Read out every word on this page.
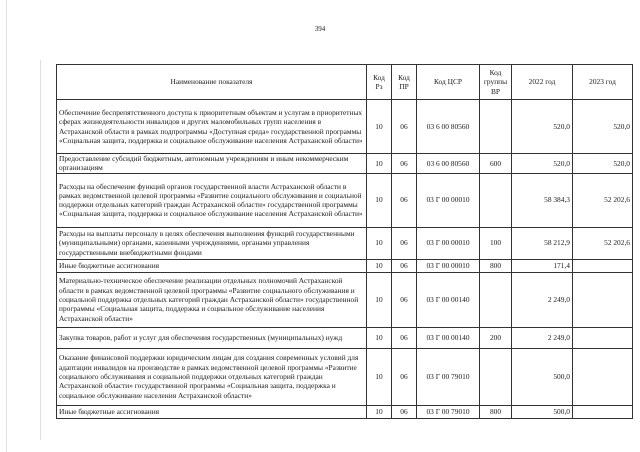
394
Наименование показателя	Код Рз	Код ПР	Код ЦСР	Код группы ВР	2022 год	2023 год
Обеспечение беспрепятственного доступа к приоритетным объектам и услугам в приоритетных сферах жизнедеятельности инвалидов и других маломобильных групп населения в Астраханской области в рамках подпрограммы «Доступная среда» государственной программы «Социальная защита, поддержка и социальное обслуживание населения Астраханской области»	10	06	03 6 00 80560		520,0	520,0
Предоставление субсидий бюджетным, автономным учреждениям и иным некоммерческим организациям	10	06	03 6 00 80560	600	520,0	520,0
Расходы на обеспечение функций органов государственной власти Астраханской области в рамках ведомственной целевой программы «Развитие социального обслуживания и социальной поддержки отдельных категорий граждан Астраханской области» государственной программы «Социальная защита, поддержка и социальное обслуживание населения Астраханской области»	10	06	03 Г 00 00010		58 384,3	52 202,6
Расходы на выплаты персоналу в целях обеспечения выполнения функций государственными (муниципальными) органами, казенными учреждениями, органами управления государственными внебюджетными фондами	10	06	03 Г 00 00010	100	58 212,9	52 202,6
Иные бюджетные ассигнования	10	06	03 Г 00 00010	800	171,4	
Материально-техническое обеспечение реализации отдельных полномочий Астраханской области в рамках ведомственной целевой программы «Развитие социального обслуживания и социальной поддержка отдельных категорий граждан Астраханской области» государственной программы «Социальная защита, поддержка и социальное обслуживание населения Астраханской области»	10	06	03 Г 00 00140		2 249,0	
Закупка товаров, работ и услуг для обеспечения государственных (муниципальных) нужд	10	06	03 Г 00 00140	200	2 249,0	
Оказание финансовой поддержки юридическим лицам для создания современных условий для адаптации инвалидов на производстве в рамках ведомственной целевой программы «Развитие социального обслуживания и социальной поддержки отдельных категорий граждан Астраханской области» государственной программы «Социальная защита, поддержка и социальное обслуживание населения Астраханской области»	10	06	03 Г 00 79010		500,0	
Иные бюджетные ассигнования	10	06	03 Г 00 79010	800	500,0	
